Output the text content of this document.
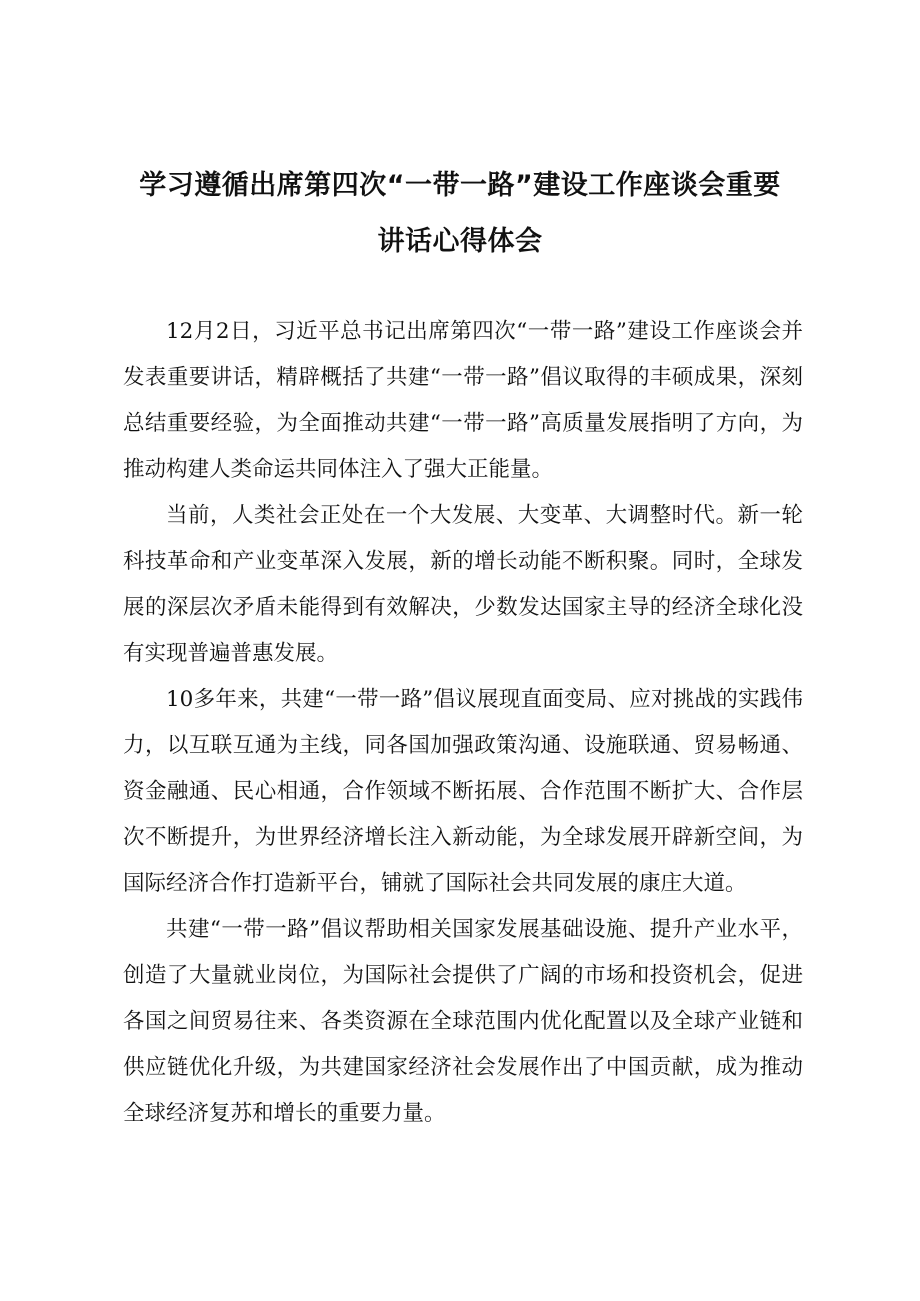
学习遵循出席第四次“一带一路”建设工作座谈会重要
讲话心得体会

12月2日，习近平总书记出席第四次“一带一路”建设工作座谈会并发表重要讲话，精辟概括了共建“一带一路”倡议取得的丰硕成果，深刻总结重要经验，为全面推动共建“一带一路”高质量发展指明了方向，为推动构建人类命运共同体注入了强大正能量。

当前，人类社会正处在一个大发展、大变革、大调整时代。新一轮科技革命和产业变革深入发展，新的增长动能不断积聚。同时，全球发展的深层次矛盾未能得到有效解决，少数发达国家主导的经济全球化没有实现普遍普惠发展。

10多年来，共建“一带一路”倡议展现直面变局、应对挑战的实践伟力，以互联互通为主线，同各国加强政策沟通、设施联通、贸易畅通、资金融通、民心相通，合作领域不断拓展、合作范围不断扩大、合作层次不断提升，为世界经济增长注入新动能，为全球发展开辟新空间，为国际经济合作打造新平台，铺就了国际社会共同发展的康庄大道。

共建“一带一路”倡议帮助相关国家发展基础设施、提升产业水平，创造了大量就业岗位，为国际社会提供了广阔的市场和投资机会，促进各国之间贸易往来、各类资源在全球范围内优化配置以及全球产业链和供应链优化升级，为共建国家经济社会发展作出了中国贡献，成为推动全球经济复苏和增长的重要力量。
